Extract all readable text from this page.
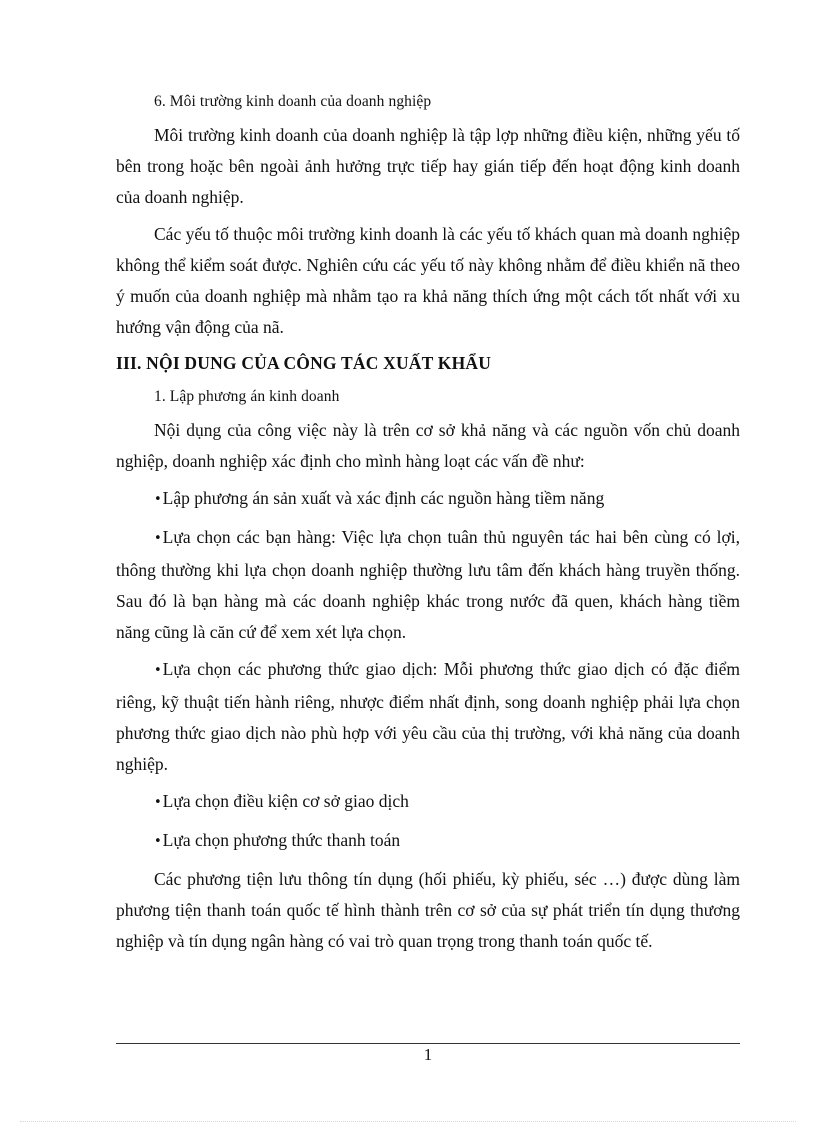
6. Môi trường kinh doanh của doanh nghiệp

Môi trường kinh doanh của doanh nghiệp là tập lợp những điều kiện, những yếu tố bên trong hoặc bên ngoài ảnh hưởng trực tiếp hay gián tiếp đến hoạt động kinh doanh của doanh nghiệp.

Các yếu tố thuộc môi trường kinh doanh là các yếu tố khách quan mà doanh nghiệp không thể kiểm soát được. Nghiên cứu các yếu tố này không nhằm để điều khiển nã theo ý muốn của doanh nghiệp mà nhằm tạo ra khả năng thích ứng một cách tốt nhất với xu hướng vận động của nã.

III. NỘI DUNG CỦA CÔNG TÁC XUẤT KHẨU

1. Lập phương án kinh doanh

Nội dụng của công việc này là trên cơ sở khả năng và các nguồn vốn chủ doanh nghiệp, doanh nghiệp xác định cho mình hàng loạt các vấn đề như:

•Lập phương án sản xuất và xác định các nguồn hàng tiềm năng

•Lựa chọn các bạn hàng: Việc lựa chọn tuân thủ nguyên tác hai bên cùng có lợi, thông thường khi lựa chọn doanh nghiệp thường lưu tâm đến khách hàng truyền thống. Sau đó là bạn hàng mà các doanh nghiệp khác trong nước đã quen, khách hàng tiềm năng cũng là căn cứ để xem xét lựa chọn.

•Lựa chọn các phương thức giao dịch: Mỗi phương thức giao dịch có đặc điểm riêng, kỹ thuật tiến hành riêng, nhược điểm nhất định, song doanh nghiệp phải lựa chọn phương thức giao dịch nào phù hợp với yêu cầu của thị trường, với khả năng của doanh nghiệp.

•Lựa chọn điều kiện cơ sở giao dịch

•Lựa chọn phương thức thanh toán

Các phương tiện lưu thông tín dụng (hối phiếu, kỳ phiếu, séc …) được dùng làm phương tiện thanh toán quốc tế hình thành trên cơ sở của sự phát triển tín dụng thương nghiệp và tín dụng ngân hàng có vai trò quan trọng trong thanh toán quốc tế.

1
